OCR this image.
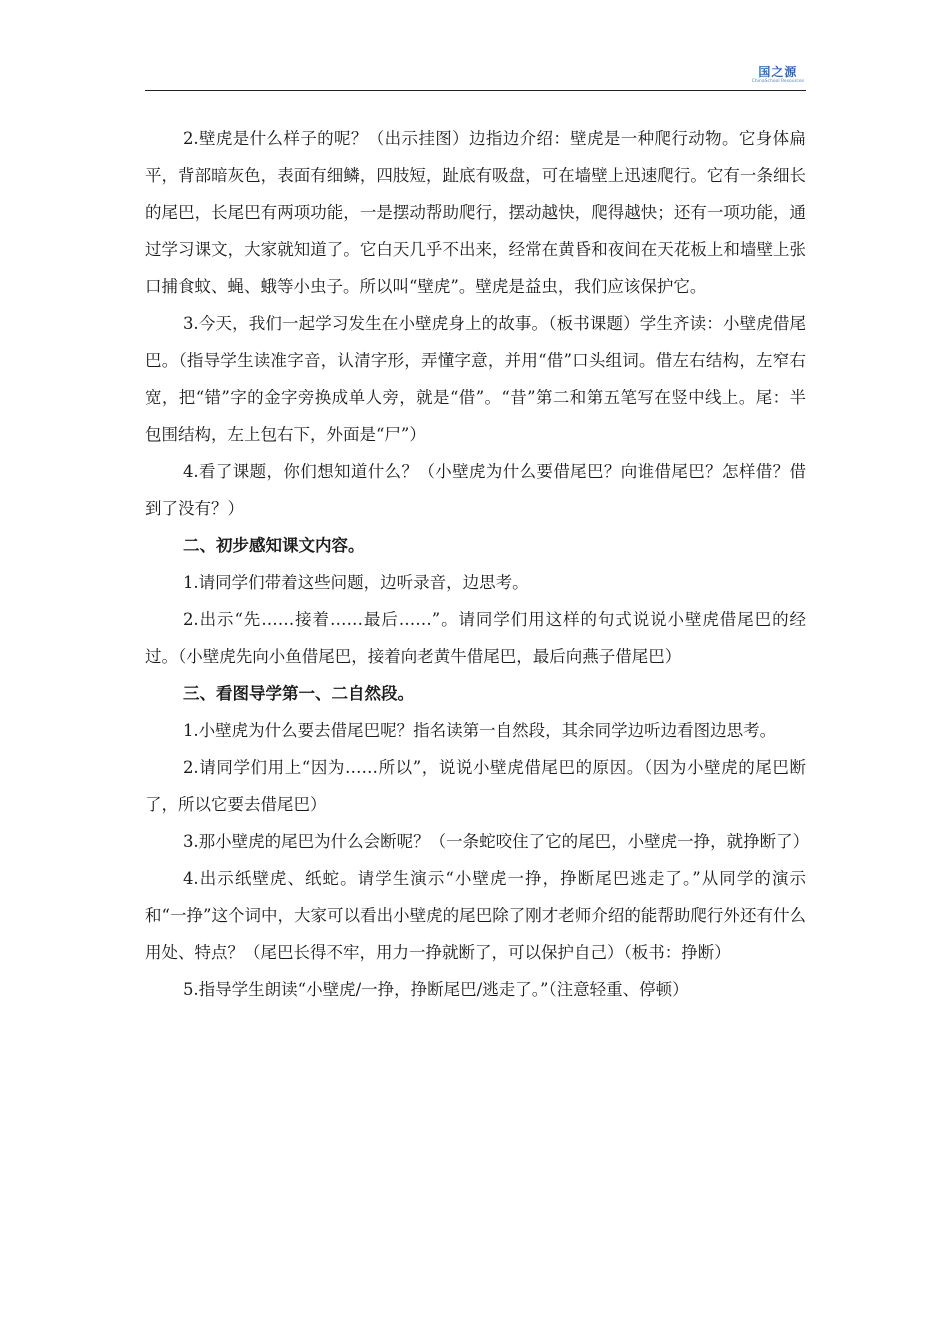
国之源
ChinaSchool Resources

2.壁虎是什么样子的呢？（出示挂图）边指边介绍：壁虎是一种爬行动物。它身体扁平，背部暗灰色，表面有细鳞，四肢短，趾底有吸盘，可在墙壁上迅速爬行。它有一条细长的尾巴，长尾巴有两项功能，一是摆动帮助爬行，摆动越快，爬得越快；还有一项功能，通过学习课文，大家就知道了。它白天几乎不出来，经常在黄昏和夜间在天花板上和墙壁上张口捕食蚊、蝇、蛾等小虫子。所以叫“壁虎”。壁虎是益虫，我们应该保护它。

3.今天，我们一起学习发生在小壁虎身上的故事。（板书课题）学生齐读：小壁虎借尾巴。（指导学生读准字音，认清字形，弄懂字意，并用“借”口头组词。借左右结构，左窄右宽，把“错”字的金字旁换成单人旁，就是“借”。“昔”第二和第五笔写在竖中线上。尾：半包围结构，左上包右下，外面是“尸”）

4.看了课题，你们想知道什么？（小壁虎为什么要借尾巴？向谁借尾巴？怎样借？借到了没有？）

二、初步感知课文内容。

1.请同学们带着这些问题，边听录音，边思考。

2.出示“先……接着……最后……”。请同学们用这样的句式说说小壁虎借尾巴的经过。（小壁虎先向小鱼借尾巴，接着向老黄牛借尾巴，最后向燕子借尾巴）

三、看图导学第一、二自然段。

1.小壁虎为什么要去借尾巴呢？指名读第一自然段，其余同学边听边看图边思考。

2.请同学们用上“因为……所以”，说说小壁虎借尾巴的原因。（因为小壁虎的尾巴断了，所以它要去借尾巴）

3.那小壁虎的尾巴为什么会断呢？（一条蛇咬住了它的尾巴，小壁虎一挣，就挣断了）

4.出示纸壁虎、纸蛇。请学生演示“小壁虎一挣，挣断尾巴逃走了。”从同学的演示和“一挣”这个词中，大家可以看出小壁虎的尾巴除了刚才老师介绍的能帮助爬行外还有什么用处、特点？（尾巴长得不牢，用力一挣就断了，可以保护自己）（板书：挣断）

5.指导学生朗读“小壁虎/一挣，挣断尾巴/逃走了。”（注意轻重、停顿）
